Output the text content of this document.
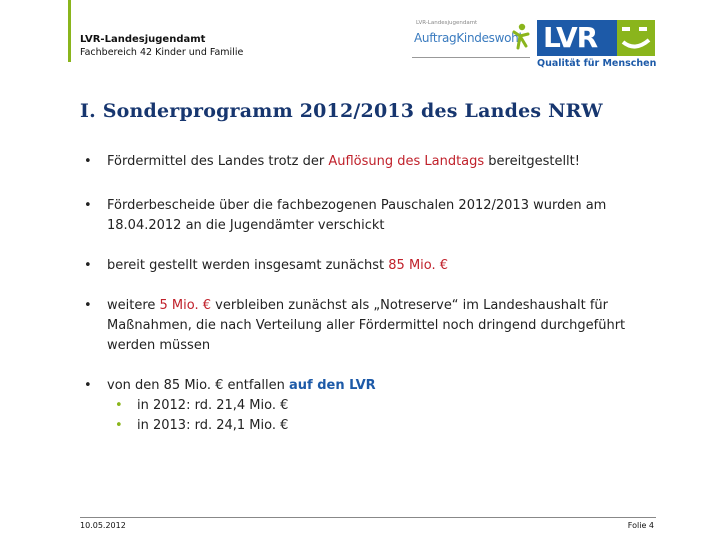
LVR-Landesjugendamt
Fachbereich 42 Kinder und Familie
LVR-Landesjugendamt
AuftragKindeswohl LVR
Qualität für Menschen
I. Sonderprogramm 2012/2013 des Landes NRW
• Fördermittel des Landes trotz der Auflösung des Landtags bereitgestellt!
• Förderbescheide über die fachbezogenen Pauschalen 2012/2013 wurden am 18.04.2012 an die Jugendämter verschickt
• bereit gestellt werden insgesamt zunächst 85 Mio. €
• weitere 5 Mio. € verbleiben zunächst als „Notreserve“ im Landeshaushalt für Maßnahmen, die nach Verteilung aller Fördermittel noch dringend durchgeführt werden müssen
• von den 85 Mio. € entfallen auf den LVR
• in 2012: rd. 21,4 Mio. €
• in 2013: rd. 24,1 Mio. €
10.05.2012	Folie 4
